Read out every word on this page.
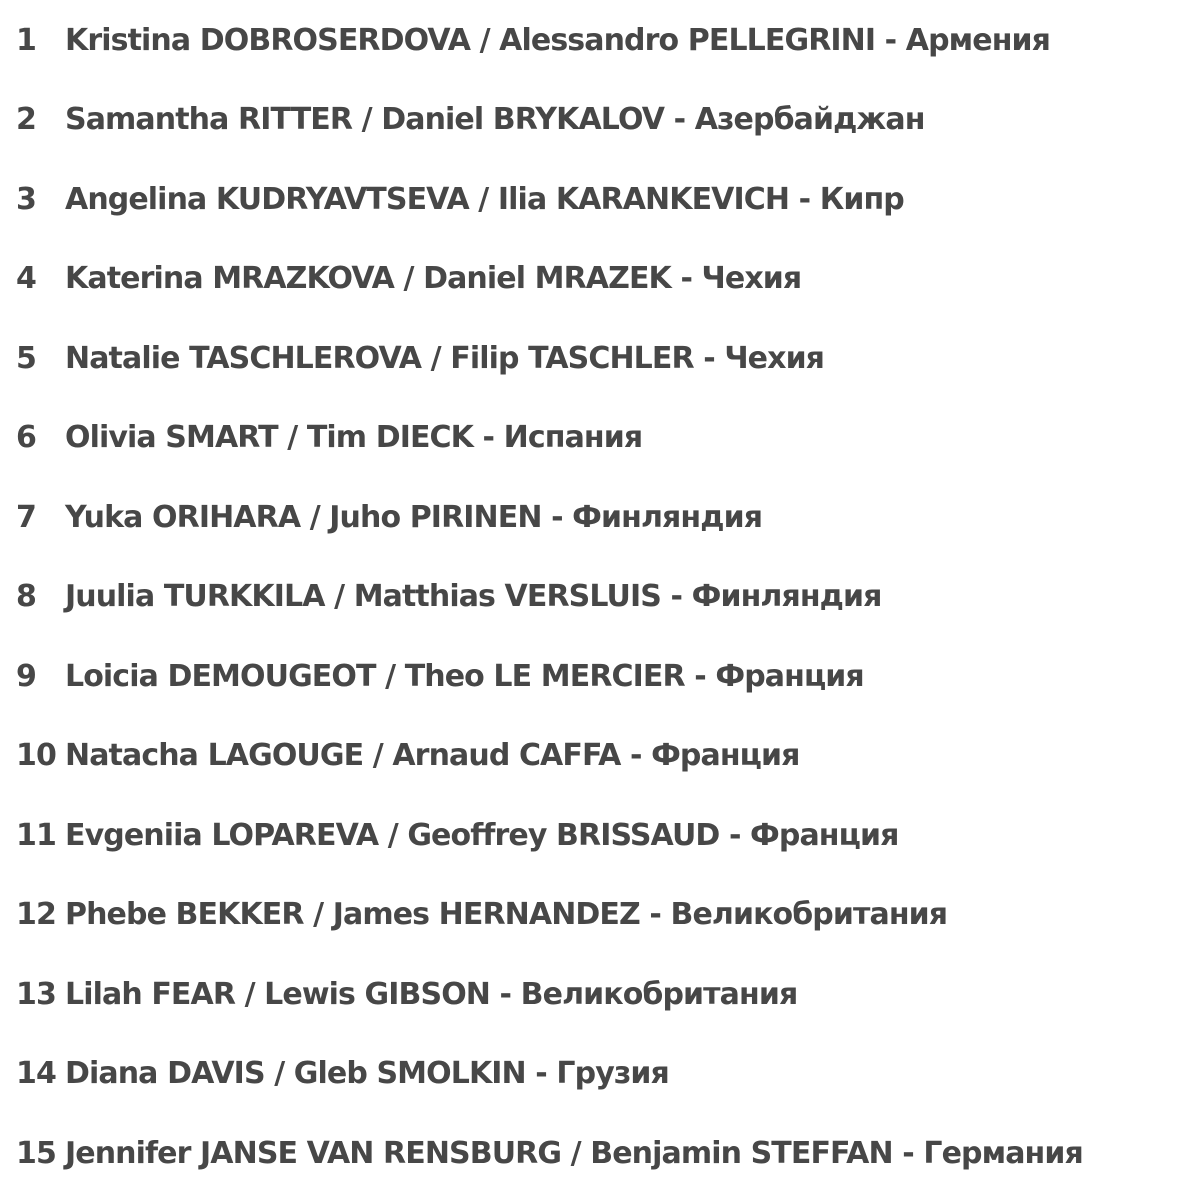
1 Kristina DOBROSERDOVA / Alessandro PELLEGRINI - Армения
2 Samantha RITTER / Daniel BRYKALOV - Азербайджан
3 Angelina KUDRYAVTSEVA / Ilia KARANKEVICH - Кипр
4 Katerina MRAZKOVA / Daniel MRAZEK - Чехия
5 Natalie TASCHLEROVA / Filip TASCHLER - Чехия
6 Olivia SMART / Tim DIECK - Испания
7 Yuka ORIHARA / Juho PIRINEN - Финляндия
8 Juulia TURKKILA / Matthias VERSLUIS - Финляндия
9 Loicia DEMOUGEOT / Theo LE MERCIER - Франция
10 Natacha LAGOUGE / Arnaud CAFFA - Франция
11 Evgeniia LOPAREVA / Geoffrey BRISSAUD - Франция
12 Phebe BEKKER / James HERNANDEZ - Великобритания
13 Lilah FEAR / Lewis GIBSON - Великобритания
14 Diana DAVIS / Gleb SMOLKIN - Грузия
15 Jennifer JANSE VAN RENSBURG / Benjamin STEFFAN - Германия
